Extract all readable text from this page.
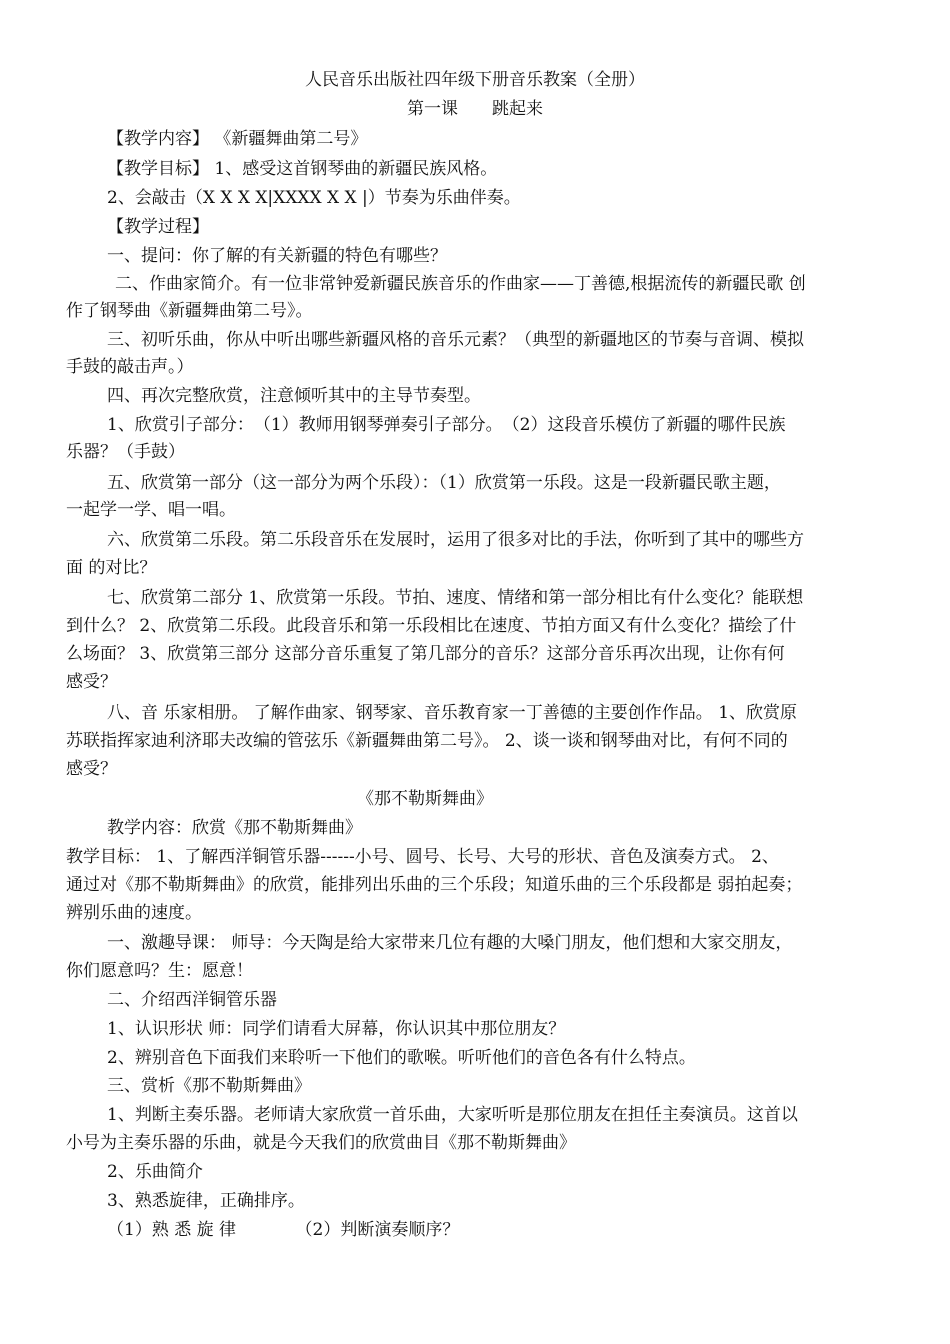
人民音乐出版社四年级下册音乐教案（全册）
第一课　　跳起来
【教学内容】 《新疆舞曲第二号》
【教学目标】 1、感受这首钢琴曲的新疆民族风格。
2、会敲击（X X X X|XXXX X X |）节奏为乐曲伴奏。
【教学过程】
一、提问：你了解的有关新疆的特色有哪些？
二、作曲家简介。有一位非常钟爱新疆民族音乐的作曲家——丁善德,根据流传的新疆民歌 创
作了钢琴曲《新疆舞曲第二号》。
三、初听乐曲，你从中听出哪些新疆风格的音乐元素？（典型的新疆地区的节奏与音调、模拟
手鼓的敲击声。）
四、再次完整欣赏，注意倾听其中的主导节奏型。
1、欣赏引子部分：　（1）教师用钢琴弹奏引子部分。　（2）这段音乐模仿了新疆的哪件民族
乐器？（手鼓）
五、欣赏第一部分（这一部分为两个乐段）：（1）欣赏第一乐段。这是一段新疆民歌主题，
一起学一学、唱一唱。
六、欣赏第二乐段。第二乐段音乐在发展时，运用了很多对比的手法，你听到了其中的哪些方
面 的对比？
七、欣赏第二部分 1、欣赏第一乐段。节拍、速度、情绪和第一部分相比有什么变化？能联想
到什么？ 2、欣赏第二乐段。此段音乐和第一乐段相比在速度、节拍方面又有什么变化？描绘了什
么场面？ 3、欣赏第三部分 这部分音乐重复了第几部分的音乐？这部分音乐再次出现，让你有何
感受？
八、音 乐家相册。 了解作曲家、钢琴家、音乐教育家一丁善德的主要创作作品。 1、欣赏原
苏联指挥家迪利济耶夫改编的管弦乐《新疆舞曲第二号》。 2、谈一谈和钢琴曲对比，有何不同的
感受？
《那不勒斯舞曲》
教学内容：欣赏《那不勒斯舞曲》
教学目标： 1、了解西洋铜管乐器------小号、圆号、长号、大号的形状、音色及演奏方式。 2、
通过对《那不勒斯舞曲》的欣赏，能排列出乐曲的三个乐段；知道乐曲的三个乐段都是 弱拍起奏；
辨别乐曲的速度。
一、激趣导课： 师导：今天陶是给大家带来几位有趣的大嗓门朋友，他们想和大家交朋友，
你们愿意吗？生：愿意！
二、介绍西洋铜管乐器
1、认识形状 师：同学们请看大屏幕，你认识其中那位朋友？
2、辨别音色下面我们来聆听一下他们的歌喉。听听他们的音色各有什么特点。
三、赏析《那不勒斯舞曲》
1、判断主奏乐器。老师请大家欣赏一首乐曲，大家听听是那位朋友在担任主奏演员。这首以
小号为主奏乐器的乐曲，就是今天我们的欣赏曲目《那不勒斯舞曲》
2、乐曲简介
3、熟悉旋律，正确排序。
（1）熟 悉 旋 律　　　　（2）判断演奏顺序？
